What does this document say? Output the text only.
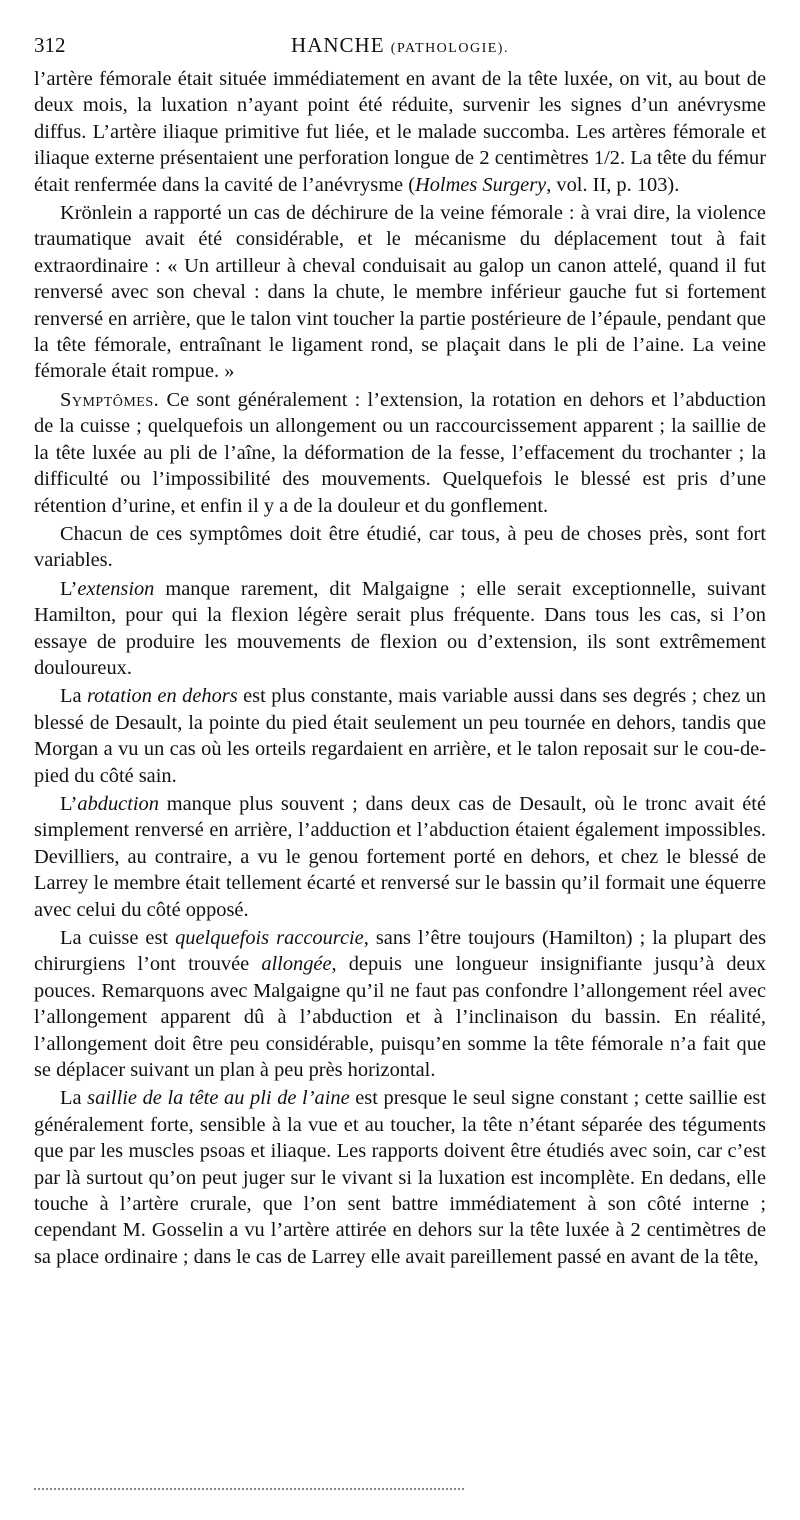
312	HANCHE (PATHOLOGIE).

l’artère fémorale était située immédiatement en avant de la tête luxée, on vit, au bout de deux mois, la luxation n’ayant point été réduite, survenir les signes d’un anévrysme diffus. L’artère iliaque primitive fut liée, et le malade succomba. Les artères fémorale et iliaque externe présentaient une perforation longue de 2 centimètres 1/2. La tête du fémur était renfermée dans la cavité de l’anévrysme (Holmes Surgery, vol. II, p. 103).

Krönlein a rapporté un cas de déchirure de la veine fémorale : à vrai dire, la violence traumatique avait été considérable, et le mécanisme du déplacement tout à fait extraordinaire : « Un artilleur à cheval conduisait au galop un canon attelé, quand il fut renversé avec son cheval : dans la chute, le membre inférieur gauche fut si fortement renversé en arrière, que le talon vint toucher la partie postérieure de l’épaule, pendant que la tête fémorale, entraînant le ligament rond, se plaçait dans le pli de l’aine. La veine fémorale était rompue. »

Symptômes. Ce sont généralement : l’extension, la rotation en dehors et l’abduction de la cuisse ; quelquefois un allongement ou un raccourcissement apparent ; la saillie de la tête luxée au pli de l’aîne, la déformation de la fesse, l’effacement du trochanter ; la difficulté ou l’impossibilité des mouvements. Quelquefois le blessé est pris d’une rétention d’urine, et enfin il y a de la douleur et du gonflement.

Chacun de ces symptômes doit être étudié, car tous, à peu de choses près, sont fort variables.

L’extension manque rarement, dit Malgaigne ; elle serait exceptionnelle, suivant Hamilton, pour qui la flexion légère serait plus fréquente. Dans tous les cas, si l’on essaye de produire les mouvements de flexion ou d’extension, ils sont extrêmement douloureux.

La rotation en dehors est plus constante, mais variable aussi dans ses degrés ; chez un blessé de Desault, la pointe du pied était seulement un peu tournée en dehors, tandis que Morgan a vu un cas où les orteils regardaient en arrière, et le talon reposait sur le cou-de-pied du côté sain.

L’abduction manque plus souvent ; dans deux cas de Desault, où le tronc avait été simplement renversé en arrière, l’adduction et l’abduction étaient également impossibles. Devilliers, au contraire, a vu le genou fortement porté en dehors, et chez le blessé de Larrey le membre était tellement écarté et renversé sur le bassin qu’il formait une équerre avec celui du côté opposé.

La cuisse est quelquefois raccourcie, sans l’être toujours (Hamilton) ; la plupart des chirurgiens l’ont trouvée allongée, depuis une longueur insignifiante jusqu’à deux pouces. Remarquons avec Malgaigne qu’il ne faut pas confondre l’allongement réel avec l’allongement apparent dû à l’abduction et à l’inclinaison du bassin. En réalité, l’allongement doit être peu considérable, puisqu’en somme la tête fémorale n’a fait que se déplacer suivant un plan à peu près horizontal.

La saillie de la tête au pli de l’aine est presque le seul signe constant ; cette saillie est généralement forte, sensible à la vue et au toucher, la tête n’étant séparée des téguments que par les muscles psoas et iliaque. Les rapports doivent être étudiés avec soin, car c’est par là surtout qu’on peut juger sur le vivant si la luxation est incomplète. En dedans, elle touche à l’artère crurale, que l’on sent battre immédiatement à son côté interne ; cependant M. Gosselin a vu l’artère attirée en dehors sur la tête luxée à 2 centimètres de sa place ordinaire ; dans le cas de Larrey elle avait pareillement passé en avant de la tête,
